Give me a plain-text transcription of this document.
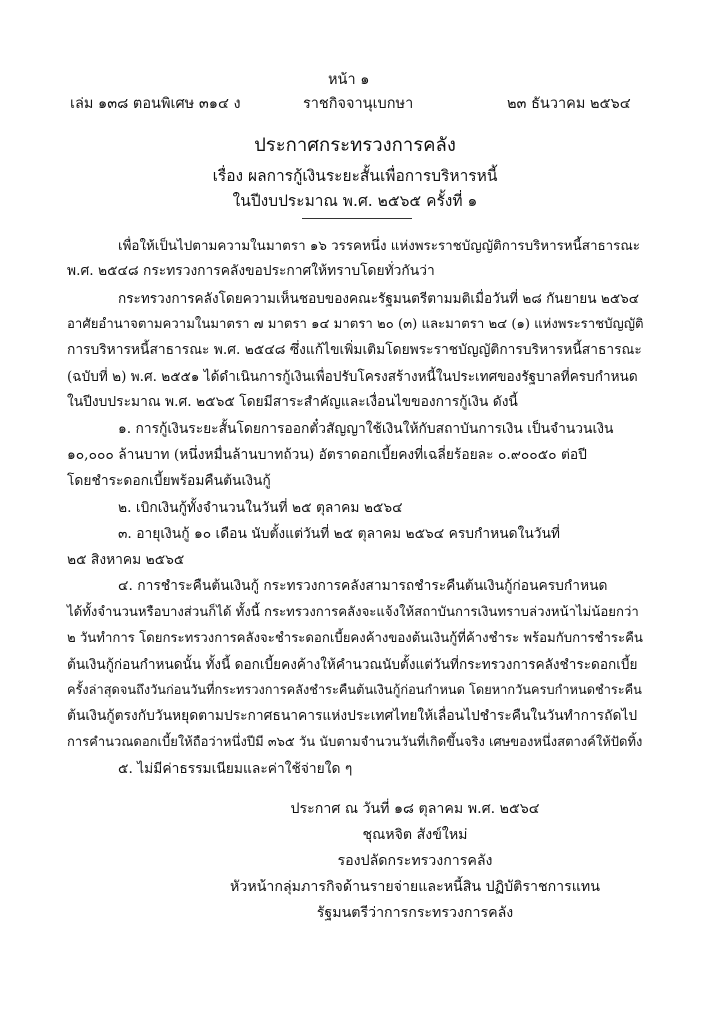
หน้า ๑
เล่ม ๑๓๘ ตอนพิเศษ ๓๑๔ ง	ราชกิจจานุเบกษา	๒๓ ธันวาคม ๒๕๖๔
ประกาศกระทรวงการคลัง
เรื่อง ผลการกู้เงินระยะสั้นเพื่อการบริหารหนี้
ในปีงบประมาณ พ.ศ. ๒๕๖๕ ครั้งที่ ๑
เพื่อให้เป็นไปตามความในมาตรา ๑๖ วรรคหนึ่ง แห่งพระราชบัญญัติการบริหารหนี้สาธารณะ
พ.ศ. ๒๕๔๘ กระทรวงการคลังขอประกาศให้ทราบโดยทั่วกันว่า
กระทรวงการคลังโดยความเห็นชอบของคณะรัฐมนตรีตามมติเมื่อวันที่ ๒๘ กันยายน ๒๕๖๔
อาศัยอำนาจตามความในมาตรา ๗ มาตรา ๑๔ มาตรา ๒๐ (๓) และมาตรา ๒๔ (๑) แห่งพระราชบัญญัติ
การบริหารหนี้สาธารณะ พ.ศ. ๒๕๔๘ ซึ่งแก้ไขเพิ่มเติมโดยพระราชบัญญัติการบริหารหนี้สาธารณะ
(ฉบับที่ ๒) พ.ศ. ๒๕๕๑ ได้ดำเนินการกู้เงินเพื่อปรับโครงสร้างหนี้ในประเทศของรัฐบาลที่ครบกำหนด
ในปีงบประมาณ พ.ศ. ๒๕๖๕ โดยมีสาระสำคัญและเงื่อนไขของการกู้เงิน ดังนี้
๑. การกู้เงินระยะสั้นโดยการออกตั๋วสัญญาใช้เงินให้กับสถาบันการเงิน เป็นจำนวนเงิน
๑๐,๐๐๐ ล้านบาท (หนึ่งหมื่นล้านบาทถ้วน) อัตราดอกเบี้ยคงที่เฉลี่ยร้อยละ ๐.๙๐๐๕๐ ต่อปี
โดยชำระดอกเบี้ยพร้อมคืนต้นเงินกู้
๒. เบิกเงินกู้ทั้งจำนวนในวันที่ ๒๕ ตุลาคม ๒๕๖๔
๓. อายุเงินกู้ ๑๐ เดือน นับตั้งแต่วันที่ ๒๕ ตุลาคม ๒๕๖๔ ครบกำหนดในวันที่
๒๕ สิงหาคม ๒๕๖๕
๔. การชำระคืนต้นเงินกู้ กระทรวงการคลังสามารถชำระคืนต้นเงินกู้ก่อนครบกำหนด
ได้ทั้งจำนวนหรือบางส่วนก็ได้ ทั้งนี้ กระทรวงการคลังจะแจ้งให้สถาบันการเงินทราบล่วงหน้าไม่น้อยกว่า
๒ วันทำการ โดยกระทรวงการคลังจะชำระดอกเบี้ยคงค้างของต้นเงินกู้ที่ค้างชำระ พร้อมกับการชำระคืน
ต้นเงินกู้ก่อนกำหนดนั้น ทั้งนี้ ดอกเบี้ยคงค้างให้คำนวณนับตั้งแต่วันที่กระทรวงการคลังชำระดอกเบี้ย
ครั้งล่าสุดจนถึงวันก่อนวันที่กระทรวงการคลังชำระคืนต้นเงินกู้ก่อนกำหนด โดยหากวันครบกำหนดชำระคืน
ต้นเงินกู้ตรงกับวันหยุดตามประกาศธนาคารแห่งประเทศไทยให้เลื่อนไปชำระคืนในวันทำการถัดไป
การคำนวณดอกเบี้ยให้ถือว่าหนึ่งปีมี ๓๖๕ วัน นับตามจำนวนวันที่เกิดขึ้นจริง เศษของหนึ่งสตางค์ให้ปัดทิ้ง
๕. ไม่มีค่าธรรมเนียมและค่าใช้จ่ายใด ๆ
ประกาศ ณ วันที่ ๑๘ ตุลาคม พ.ศ. ๒๕๖๔
ชุณหจิต สังข์ใหม่
รองปลัดกระทรวงการคลัง
หัวหน้ากลุ่มภารกิจด้านรายจ่ายและหนี้สิน ปฏิบัติราชการแทน
รัฐมนตรีว่าการกระทรวงการคลัง
